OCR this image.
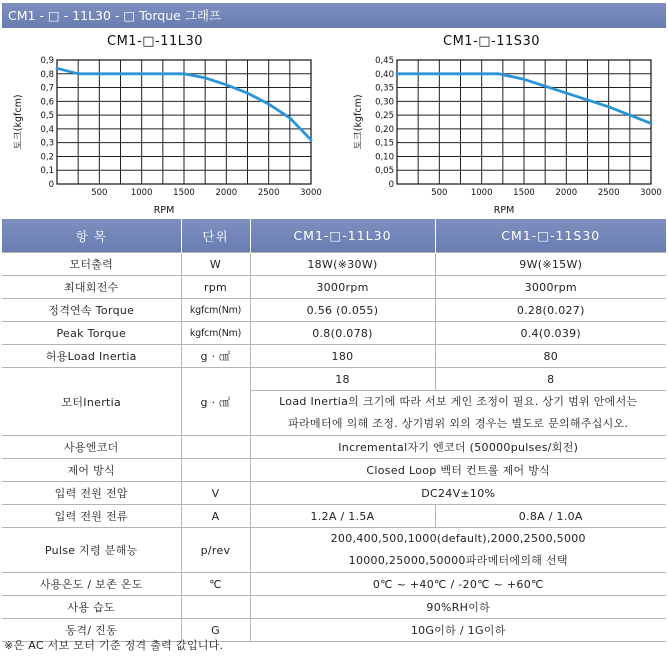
CM1 - □ - 11L30 - □ Torque 그래프
CM1-□-11L30
0
0,1
0,2
0,3
0,4
0,5
0,6
0,7
0,8
0,9
500	1000 1500 2000 2500 3000
RPM
토크(kgfcm)
CM1-□-11S30
0
0,05
0,10
0,15
0,20
0,25
0,30
0,35
0,40
0,45
500	1000 1500 2000 2500 3000
RPM
토크(kgfcm)
항 목	단위	CM1-□-11L30	CM1-□-11S30
모터출력	W	18W(※30W)	9W(※15W)
최대회전수	rpm	3000rpm	3000rpm
정격연속 Torque	kgfcm(Nm)	0.56 (0.055)	0.28(0.027)
Peak Torque	kgfcm(Nm)	0.8(0.078)	0.4(0.039)
허용Load Inertia	g · ㎠	180	80
모터Inertia	g · ㎠	18	8

		Load Inertia의 크기에 따라 서보 게인 조정이 필요. 상기 범위 안에서는
파라메터에 의해 조정. 상기범위 외의 경우는 별도로 문의해주십시오.	

사용엔코더		Incremental자기 엔코더 (50000pulses/회전)	
제어 방식		Closed Loop 벡터 컨트롤 제어 방식	
입력 전원 전압	V	DC24V±10%	
입력 전원 전류	A	1.2A / 1.5A	0.8A / 1.0A
Pulse 지령 분해능	p/rev	200,400,500,1000(default),2000,2500,5000
10000,25000,50000파라메터에의해 선택	

사용온도 / 보존 온도	℃	0℃ ~ +40℃ / -20℃ ~ +60℃	
사용 습도		90%RH이하	
동격/ 진동	G	10G이하 / 1G이하	
※은 AC 서보 모터 기준 정격 출력 값입니다.
